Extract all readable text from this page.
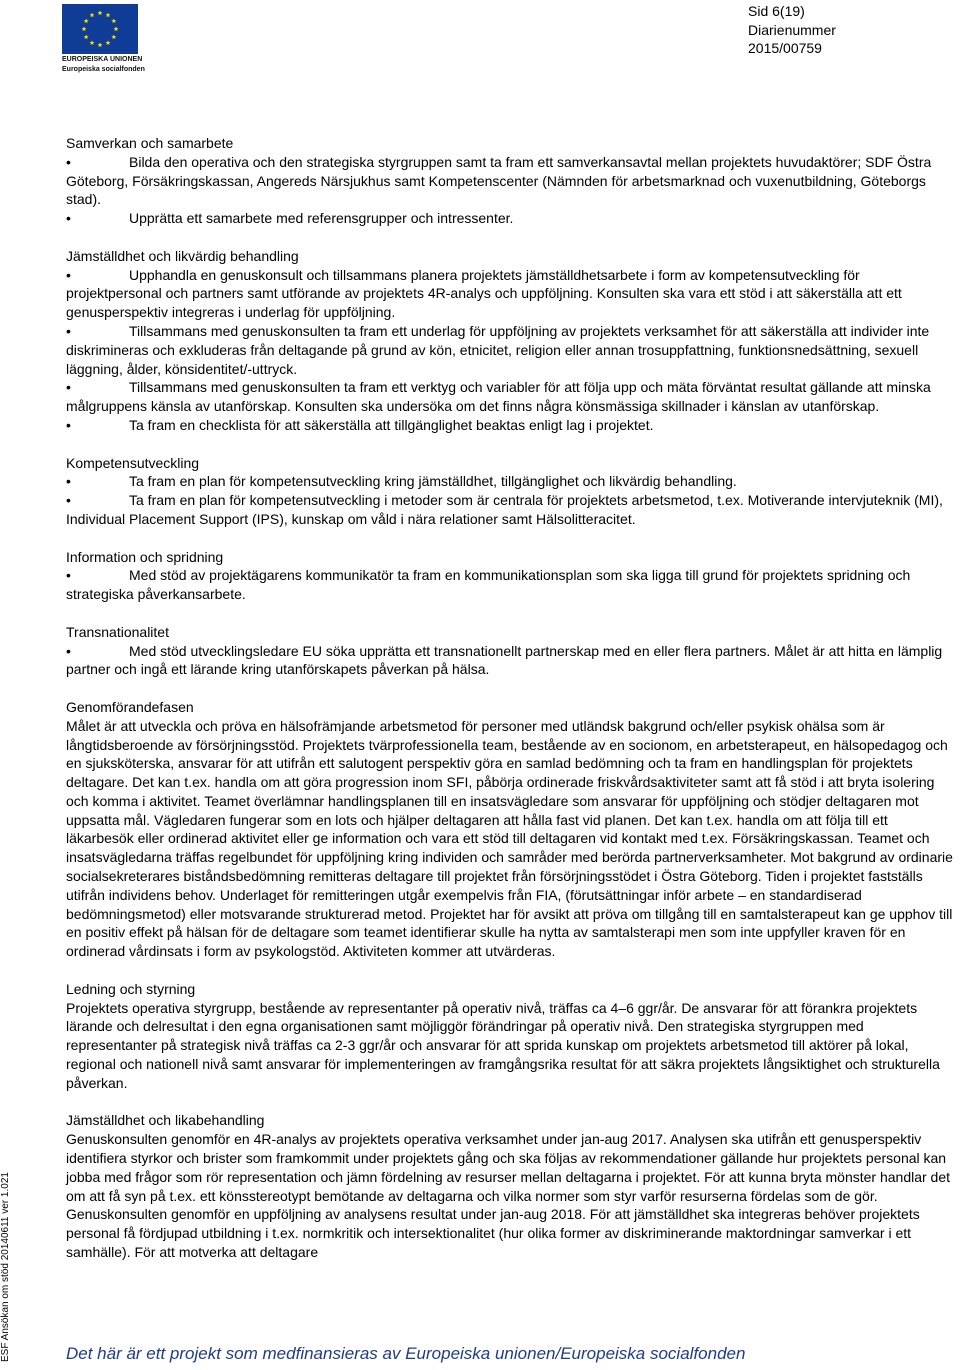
EUROPEISKA UNIONEN
Europeiska socialfonden
Sid 6(19)
Diarienummer
2015/00759
ESF Ansökan om stöd 20140611 ver 1.021
Samverkan och samarbete
•	Bilda den operativa och den strategiska styrgruppen samt ta fram ett samverkansavtal mellan projektets huvudaktörer; SDF Östra Göteborg, Försäkringskassan, Angereds Närsjukhus samt Kompetenscenter (Nämnden för arbetsmarknad och vuxenutbildning, Göteborgs stad).
•	Upprätta ett samarbete med referensgrupper och intressenter.
Jämställdhet och likvärdig behandling
•	Upphandla en genuskonsult och tillsammans planera projektets jämställdhetsarbete i form av kompetensutveckling för projektpersonal och partners samt utförande av projektets 4R-analys och uppföljning. Konsulten ska vara ett stöd i att säkerställa att ett genusperspektiv integreras i underlag för uppföljning.
•	Tillsammans med genuskonsulten ta fram ett underlag för uppföljning av projektets verksamhet för att säkerställa att individer inte diskrimineras och exkluderas från deltagande på grund av kön, etnicitet, religion eller annan trosuppfattning, funktionsnedsättning, sexuell läggning, ålder, könsidentitet/-uttryck.
•	Tillsammans med genuskonsulten ta fram ett verktyg och variabler för att följa upp och mäta förväntat resultat gällande att minska målgruppens känsla av utanförskap. Konsulten ska undersöka om det finns några könsmässiga skillnader i känslan av utanförskap.
•	Ta fram en checklista för att säkerställa att tillgänglighet beaktas enligt lag i projektet.
Kompetensutveckling
•	Ta fram en plan för kompetensutveckling kring jämställdhet, tillgänglighet och likvärdig behandling.
•	Ta fram en plan för kompetensutveckling i metoder som är centrala för projektets arbetsmetod, t.ex. Motiverande intervjuteknik (MI), Individual Placement Support (IPS), kunskap om våld i nära relationer samt Hälsolitteracitet.
Information och spridning
•	Med stöd av projektägarens kommunikatör ta fram en kommunikationsplan som ska ligga till grund för projektets spridning och strategiska påverkansarbete.
Transnationalitet
•	Med stöd utvecklingsledare EU söka upprätta ett transnationellt partnerskap med en eller flera partners. Målet är att hitta en lämplig partner och ingå ett lärande kring utanförskapets påverkan på hälsa.
Genomförandefasen
Målet är att utveckla och pröva en hälsofrämjande arbetsmetod för personer med utländsk bakgrund och/eller psykisk ohälsa som är långtidsberoende av försörjningsstöd. Projektets tvärprofessionella team, bestående av en socionom, en arbetsterapeut, en hälsopedagog och en sjuksköterska, ansvarar för att utifrån ett salutogent perspektiv göra en samlad bedömning och ta fram en handlingsplan för projektets deltagare. Det kan t.ex. handla om att göra progression inom SFI, påbörja ordinerade friskvårdsaktiviteter samt att få stöd i att bryta isolering och komma i aktivitet. Teamet överlämnar handlingsplanen till en insatsvägledare som ansvarar för uppföljning och stödjer deltagaren mot uppsatta mål. Vägledaren fungerar som en lots och hjälper deltagaren att hålla fast vid planen. Det kan t.ex. handla om att följa till ett läkarbesök eller ordinerad aktivitet eller ge information och vara ett stöd till deltagaren vid kontakt med t.ex. Försäkringskassan. Teamet och insatsvägledarna träffas regelbundet för uppföljning kring individen och samråder med berörda partnerverksamheter. Mot bakgrund av ordinarie socialsekreterares biståndsbedömning remitteras deltagare till projektet från försörjningsstödet i Östra Göteborg. Tiden i projektet fastställs utifrån individens behov. Underlaget för remitteringen utgår exempelvis från FIA, (förutsättningar inför arbete – en standardiserad bedömningsmetod) eller motsvarande strukturerad metod. Projektet har för avsikt att pröva om tillgång till en samtalsterapeut kan ge upphov till en positiv effekt på hälsan för de deltagare som teamet identifierar skulle ha nytta av samtalsterapi men som inte uppfyller kraven för en ordinerad vårdinsats i form av psykologstöd. Aktiviteten kommer att utvärderas.
Ledning och styrning
Projektets operativa styrgrupp, bestående av representanter på operativ nivå, träffas ca 4–6 ggr/år. De ansvarar för att förankra projektets lärande och delresultat i den egna organisationen samt möjliggör förändringar på operativ nivå. Den strategiska styrgruppen med representanter på strategisk nivå träffas ca 2-3 ggr/år och ansvarar för att sprida kunskap om projektets arbetsmetod till aktörer på lokal, regional och nationell nivå samt ansvarar för implementeringen av framgångsrika resultat för att säkra projektets långsiktighet och strukturella påverkan.
Jämställdhet och likabehandling
Genuskonsulten genomför en 4R-analys av projektets operativa verksamhet under jan-aug 2017. Analysen ska utifrån ett genusperspektiv identifiera styrkor och brister som framkommit under projektets gång och ska följas av rekommendationer gällande hur projektets personal kan jobba med frågor som rör representation och jämn fördelning av resurser mellan deltagarna i projektet. För att kunna bryta mönster handlar det om att få syn på t.ex. ett könsstereotypt bemötande av deltagarna och vilka normer som styr varför resurserna fördelas som de gör. Genuskonsulten genomför en uppföljning av analysens resultat under jan-aug 2018. För att jämställdhet ska integreras behöver projektets personal få fördjupad utbildning i t.ex. normkritik och intersektionalitet (hur olika former av diskriminerande maktordningar samverkar i ett samhälle). För att motverka att deltagare
Det här är ett projekt som medfinansieras av Europeiska unionen/Europeiska socialfonden
